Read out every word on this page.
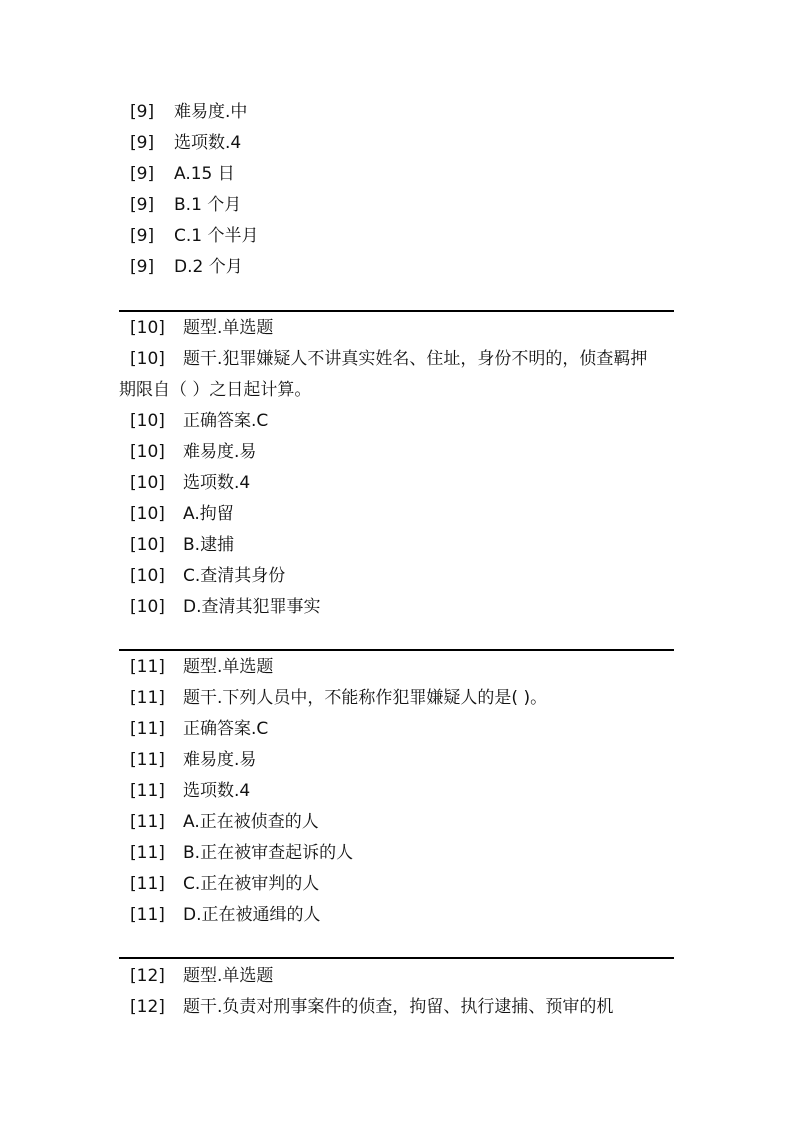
[9] 难易度.中
[9] 选项数.4
[9] A.15 日
[9] B.1 个月
[9] C.1 个半月
[9] D.2 个月
[10] 题型.单选题
[10]	题干.犯罪嫌疑人不讲真实姓名、住址，身份不明的，侦查羁押期限自（ ）之日起计算。
[10] 正确答案.C
[10] 难易度.易
[10] 选项数.4
[10] A.拘留
[10] B.逮捕
[10] C.查清其身份
[10] D.查清其犯罪事实
[11] 题型.单选题
[11] 题干.下列人员中，不能称作犯罪嫌疑人的是( )。
[11] 正确答案.C
[11] 难易度.易
[11] 选项数.4
[11] A.正在被侦查的人
[11] B.正在被审查起诉的人
[11] C.正在被审判的人
[11] D.正在被通缉的人
[12] 题型.单选题
[12] 题干.负责对刑事案件的侦查，拘留、执行逮捕、预审的机
